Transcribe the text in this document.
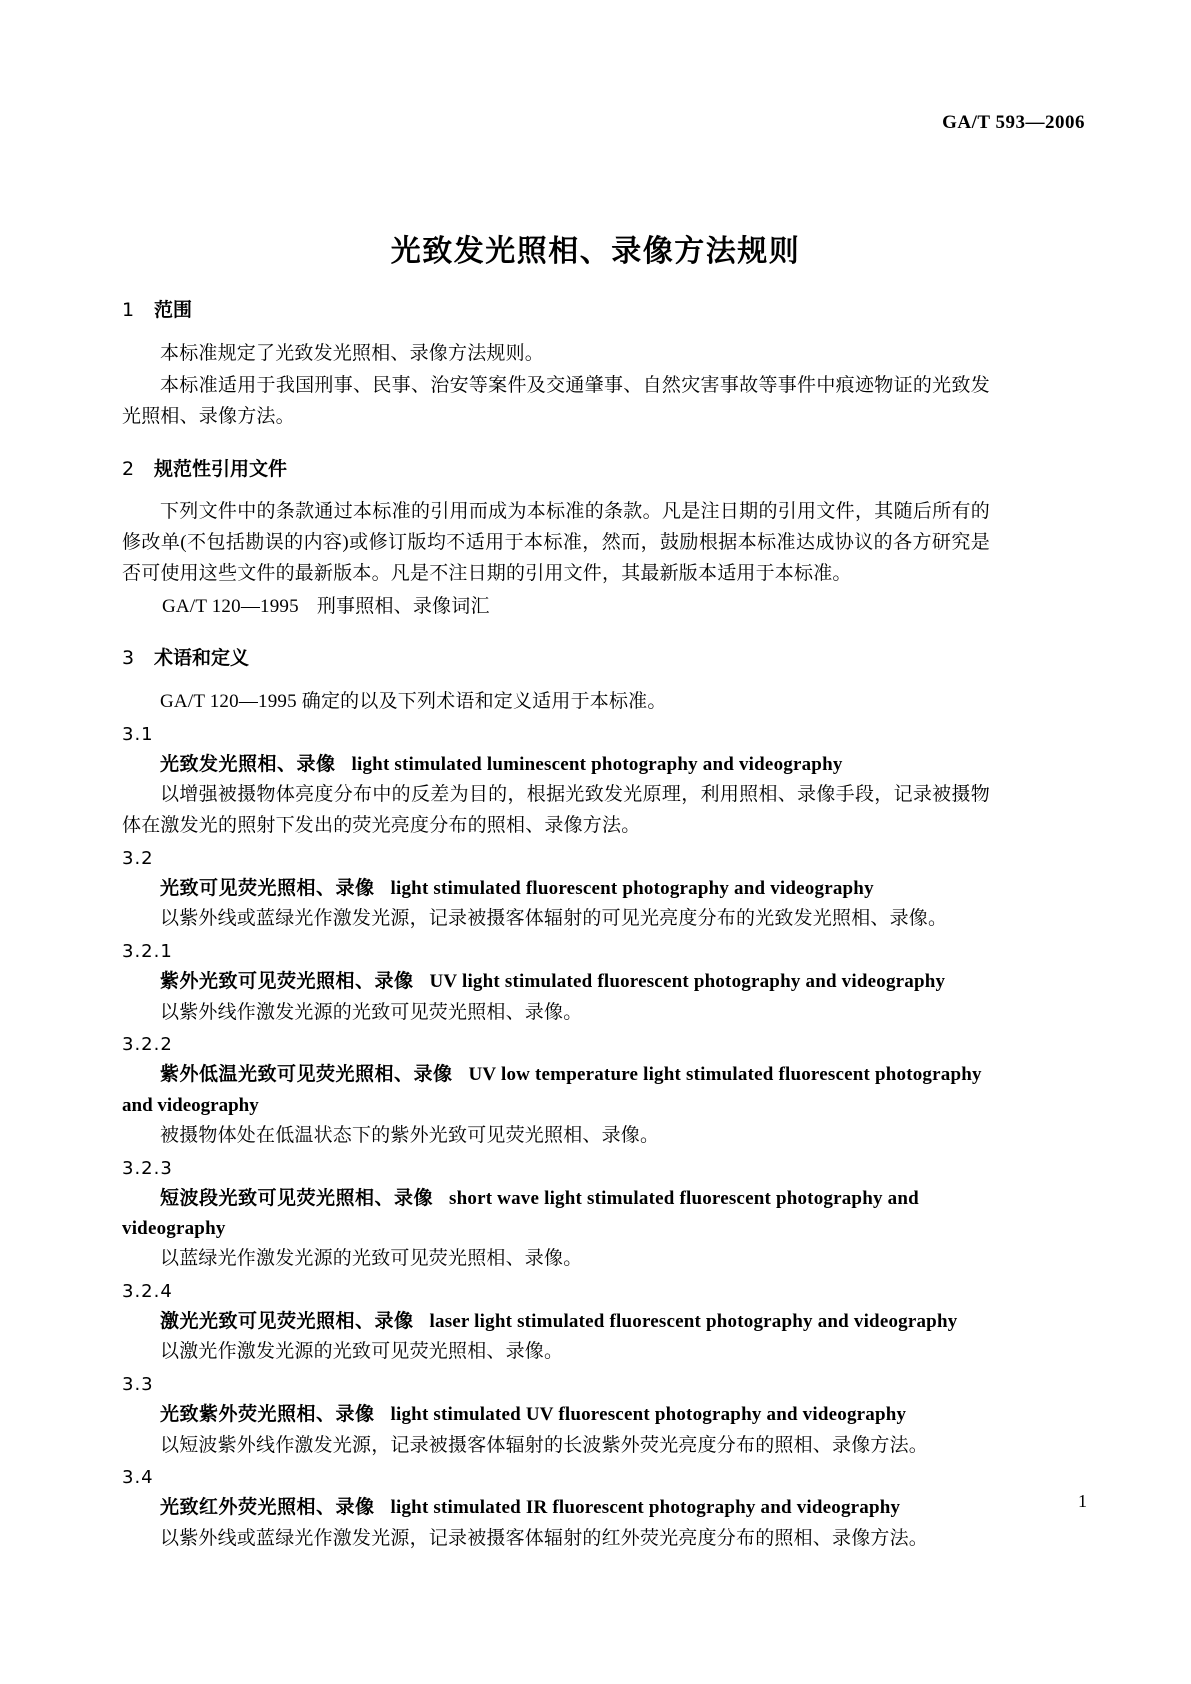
GA/T 593—2006
光致发光照相、录像方法规则
1 范围

本标准规定了光致发光照相、录像方法规则。

本标准适用于我国刑事、民事、治安等案件及交通肇事、自然灾害事故等事件中痕迹物证的光致发光照相、录像方法。

2 规范性引用文件

下列文件中的条款通过本标准的引用而成为本标准的条款。凡是注日期的引用文件，其随后所有的修改单(不包括勘误的内容)或修订版均不适用于本标准，然而，鼓励根据本标准达成协议的各方研究是否可使用这些文件的最新版本。凡是不注日期的引用文件，其最新版本适用于本标准。

GA/T 120—1995 刑事照相、录像词汇

3 术语和定义

GA/T 120—1995 确定的以及下列术语和定义适用于本标准。

3.1

光致发光照相、录像 light stimulated luminescent photography and videography

以增强被摄物体亮度分布中的反差为目的，根据光致发光原理，利用照相、录像手段，记录被摄物体在激发光的照射下发出的荧光亮度分布的照相、录像方法。

3.2

光致可见荧光照相、录像 light stimulated fluorescent photography and videography

以紫外线或蓝绿光作激发光源，记录被摄客体辐射的可见光亮度分布的光致发光照相、录像。

3.2.1

紫外光致可见荧光照相、录像 UV light stimulated fluorescent photography and videography

以紫外线作激发光源的光致可见荧光照相、录像。

3.2.2

紫外低温光致可见荧光照相、录像 UV low temperature light stimulated fluorescent photography

and videography

被摄物体处在低温状态下的紫外光致可见荧光照相、录像。

3.2.3

短波段光致可见荧光照相、录像 short wave light stimulated fluorescent photography and videography

以蓝绿光作激发光源的光致可见荧光照相、录像。

3.2.4

激光光致可见荧光照相、录像 laser light stimulated fluorescent photography and videography

以激光作激发光源的光致可见荧光照相、录像。

3.3

光致紫外荧光照相、录像 light stimulated UV fluorescent photography and videography

以短波紫外线作激发光源，记录被摄客体辐射的长波紫外荧光亮度分布的照相、录像方法。

3.4

光致红外荧光照相、录像 light stimulated IR fluorescent photography and videography

以紫外线或蓝绿光作激发光源，记录被摄客体辐射的红外荧光亮度分布的照相、录像方法。

1
